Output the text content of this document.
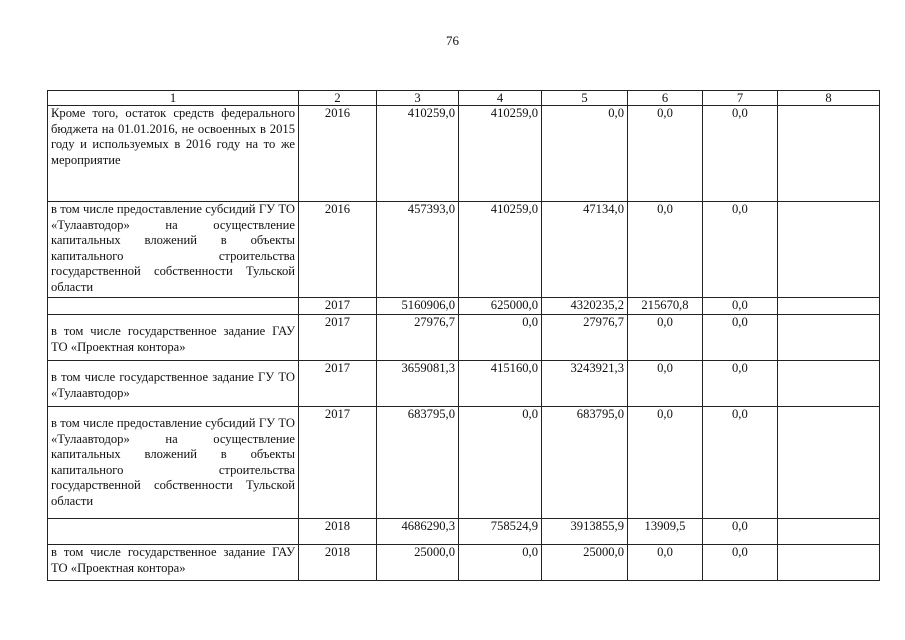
76
1	2	3	4	5	6	7	8
Кроме того, остаток средств федерального бюджета на 01.01.2016, не освоенных в 2015 году и используемых в 2016 году на то же мероприятие	2016	410259,0	410259,0	0,0	0,0	0,0	
в том числе предоставление субсидий ГУ ТО «Тулаавтодор» на осуществление капитальных вложений в объекты капитального строительства государственной собственности Тульской области	2016	457393,0	410259,0	47134,0	0,0	0,0	
	2017	5160906,0	625000,0	4320235,2	215670,8	0,0	
в том числе государственное задание ГАУ ТО «Проектная контора»	2017	27976,7	0,0	27976,7	0,0	0,0	
в том числе государственное задание ГУ ТО «Тулаавтодор»	2017	3659081,3	415160,0	3243921,3	0,0	0,0	
в том числе предоставление субсидий ГУ ТО «Тулаавтодор» на осуществление капитальных вложений в объекты капитального строительства государственной собственности Тульской области	2017	683795,0	0,0	683795,0	0,0	0,0	
	2018	4686290,3	758524,9	3913855,9	13909,5	0,0	
в том числе государственное задание ГАУ ТО «Проектная контора»	2018	25000,0	0,0	25000,0	0,0	0,0	
